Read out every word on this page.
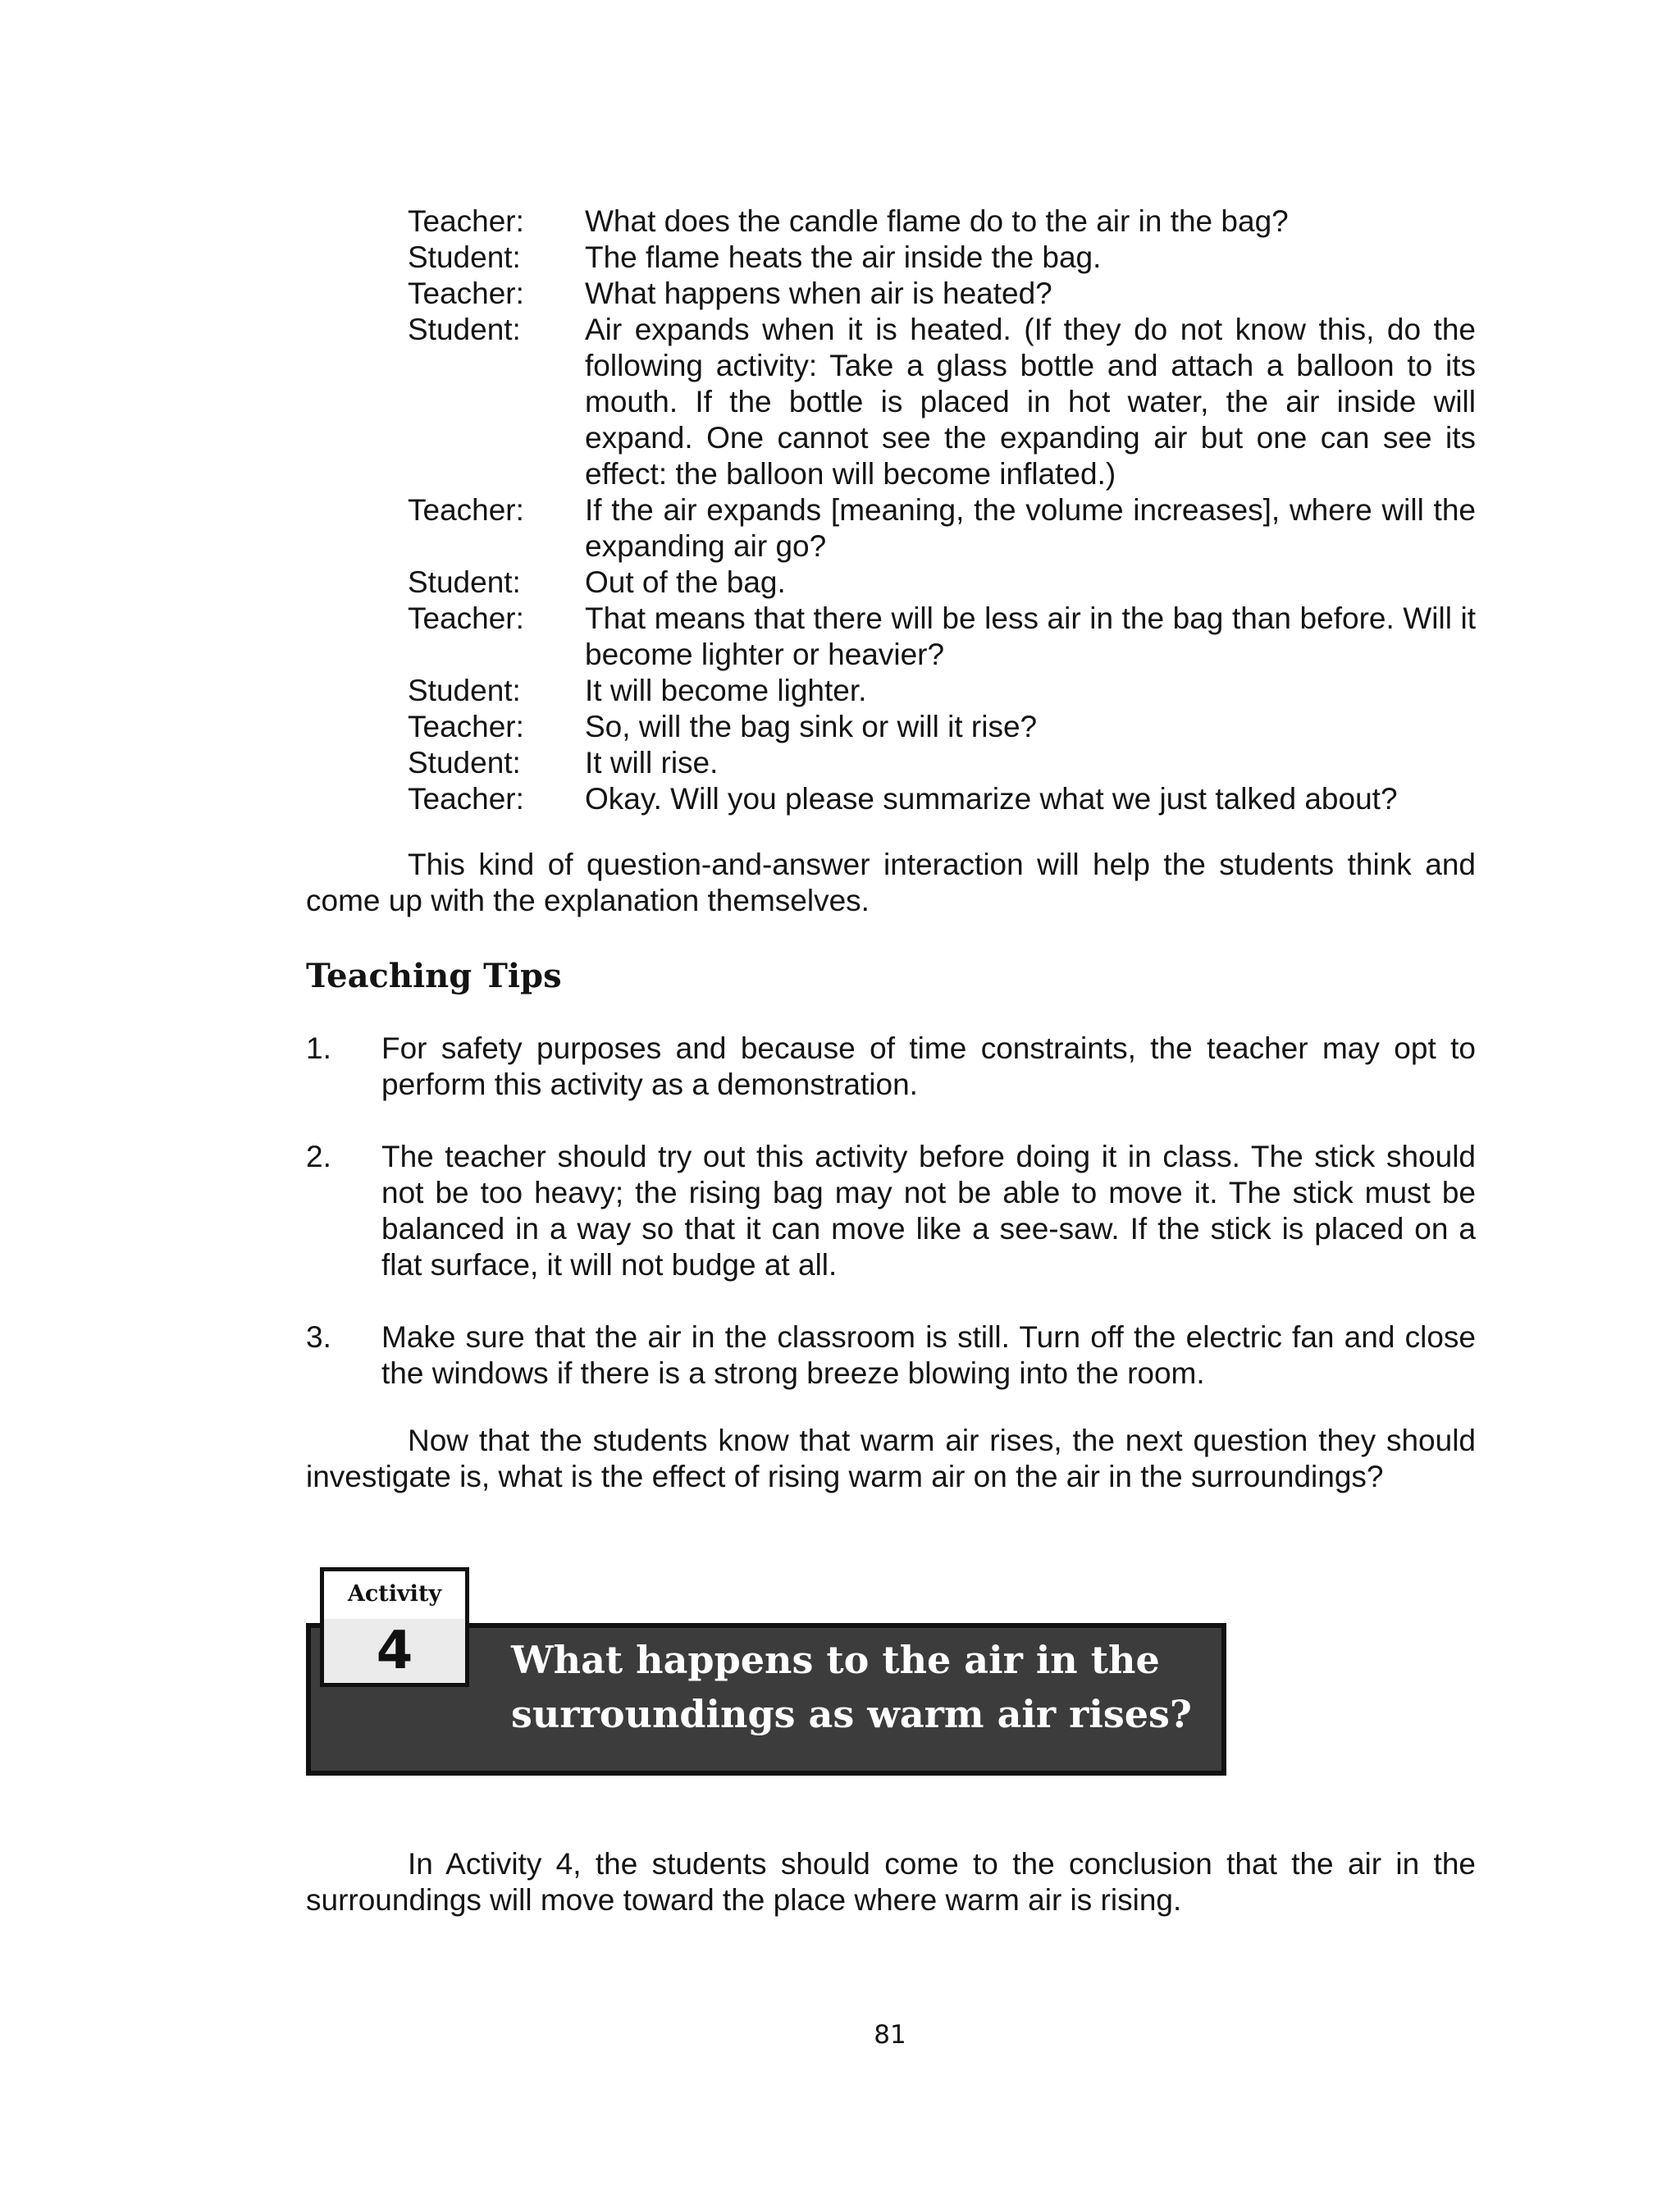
Teacher:	What does the candle flame do to the air in the bag?
Student:	The flame heats the air inside the bag.
Teacher:	What happens when air is heated?
Student:	Air expands when it is heated. (If they do not know this, do the following activity: Take a glass bottle and attach a balloon to its mouth. If the bottle is placed in hot water, the air inside will expand. One cannot see the expanding air but one can see its effect: the balloon will become inflated.)
Teacher:	If the air expands [meaning, the volume increases], where will the expanding air go?
Student:	Out of the bag.
Teacher:	That means that there will be less air in the bag than before. Will it become lighter or heavier?
Student:	It will become lighter.
Teacher:	So, will the bag sink or will it rise?
Student:	It will rise.
Teacher:	Okay. Will you please summarize what we just talked about?

This kind of question-and-answer interaction will help the students think and come up with the explanation themselves.

Teaching Tips
1.	For safety purposes and because of time constraints, the teacher may opt to perform this activity as a demonstration.
2.	The teacher should try out this activity before doing it in class. The stick should not be too heavy; the rising bag may not be able to move it. The stick must be balanced in a way so that it can move like a see-saw. If the stick is placed on a flat surface, it will not budge at all.
3.	Make sure that the air in the classroom is still. Turn off the electric fan and close the windows if there is a strong breeze blowing into the room.

Now that the students know that warm air rises, the next question they should investigate is, what is the effect of rising warm air on the air in the surroundings?

What happens to the air in the surroundings as warm air rises?
Activity
4

In Activity 4, the students should come to the conclusion that the air in the surroundings will move toward the place where warm air is rising.

81
